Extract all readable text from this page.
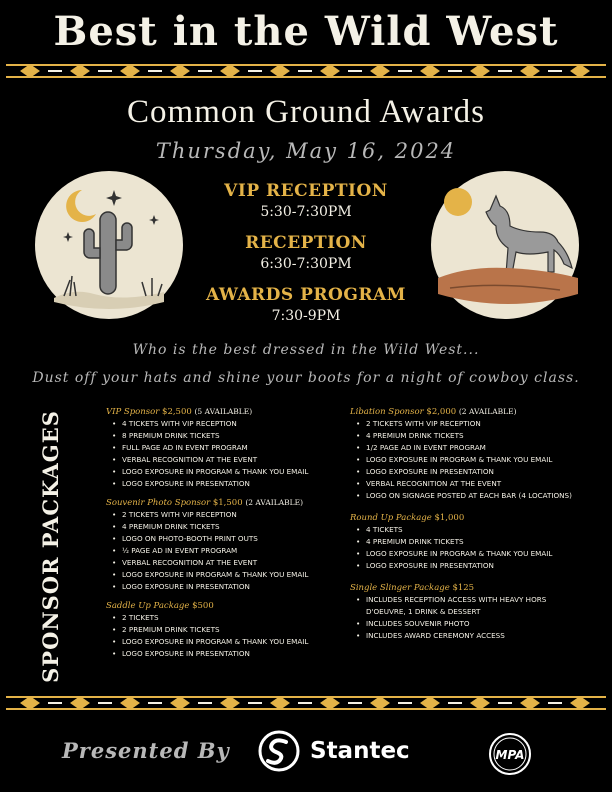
Best in the Wild West
Common Ground Awards
Thursday, May 16, 2024
VIP RECEPTION
5:30-7:30PM
RECEPTION
6:30-7:30PM
AWARDS PROGRAM
7:30-9PM
Who is the best dressed in the Wild West...
Dust off your hats and shine your boots for a night of cowboy class.
SPONSOR PACKAGES	VIP Sponsor $2,500 (5 AVAILABLE)
• 4 TICKETS WITH VIP RECEPTION
• 8 PREMIUM DRINK TICKETS
• FULL PAGE AD IN EVENT PROGRAM
• VERBAL RECOGNITION AT THE EVENT
• LOGO EXPOSURE IN PROGRAM & THANK YOU EMAIL
• LOGO EXPOSURE IN PRESENTATION
Souvenir Photo Sponsor $1,500 (2 AVAILABLE)
• 2 TICKETS WITH VIP RECEPTION
• 4 PREMIUM DRINK TICKETS
• LOGO ON PHOTO-BOOTH PRINT OUTS
• ½ PAGE AD IN EVENT PROGRAM
• VERBAL RECOGNITION AT THE EVENT
• LOGO EXPOSURE IN PROGRAM & THANK YOU EMAIL
• LOGO EXPOSURE IN PRESENTATION
Saddle Up Package $500
• 2 TICKETS
• 2 PREMIUM DRINK TICKETS
• LOGO EXPOSURE IN PROGRAM & THANK YOU EMAIL
• LOGO EXPOSURE IN PRESENTATION
Libation Sponsor $2,000 (2 AVAILABLE)
• 2 TICKETS WITH VIP RECEPTION
• 4 PREMIUM DRINK TICKETS
• 1/2 PAGE AD IN EVENT PROGRAM
• LOGO EXPOSURE IN PROGRAM & THANK YOU EMAIL
• LOGO EXPOSURE IN PRESENTATION
• VERBAL RECOGNITION AT THE EVENT
• LOGO ON SIGNAGE POSTED AT EACH BAR (4 LOCATIONS)
Round Up Package $1,000
• 4 TICKETS
• 4 PREMIUM DRINK TICKETS
• LOGO EXPOSURE IN PROGRAM & THANK YOU EMAIL
• LOGO EXPOSURE IN PRESENTATION
Single Slinger Package $125
• INCLUDES RECEPTION ACCESS WITH HEAVY HORS D'OEUVRE, 1 DRINK & DESSERT
• INCLUDES SOUVENIR PHOTO
• INCLUDES AWARD CEREMONY ACCESS
Presented By	Stantec	MPA
